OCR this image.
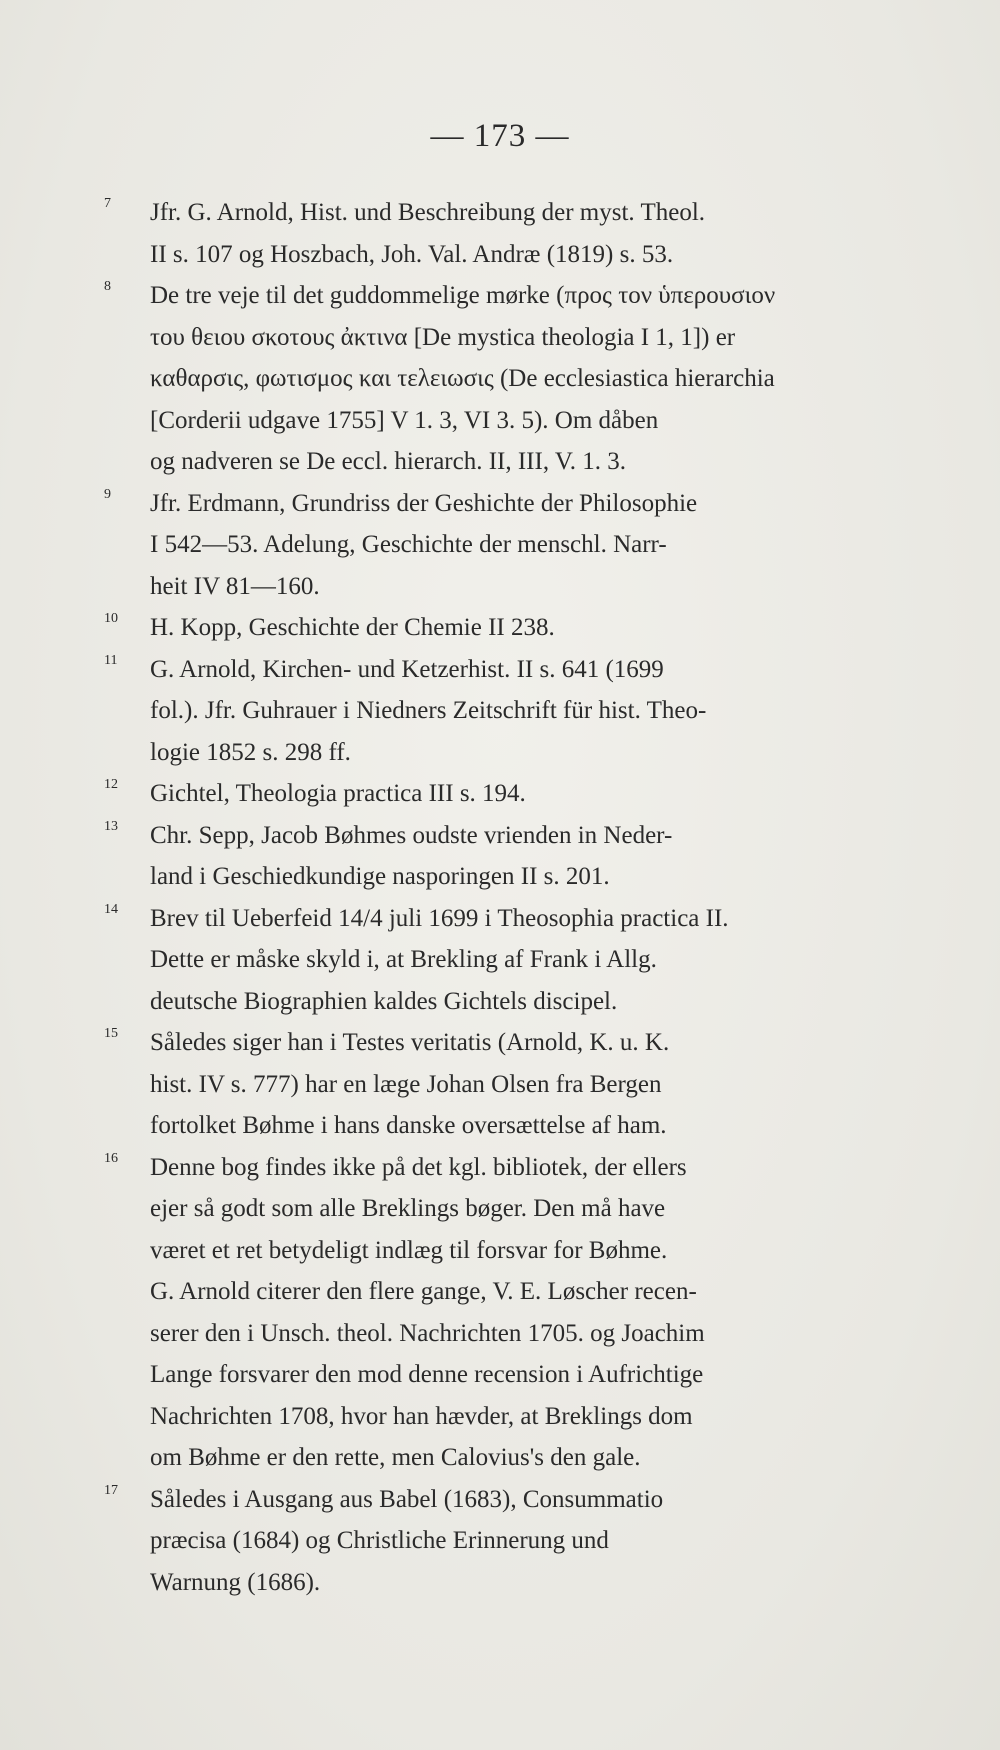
— 173 —
7 Jfr. G. Arnold, Hist. und Beschreibung der myst. Theol.
II s. 107 og Hoszbach, Joh. Val. Andræ (1819) s. 53.
8 De tre veje til det guddommelige mørke (προς τον ὑπερουσιον
του θειου σκοτους ἀκτινα [De mystica theologia I 1, 1]) er
καθαρσις, φωτισμος και τελειωσις (De ecclesiastica hierarchia
[Corderii udgave 1755] V 1. 3, VI 3. 5). Om dåben
og nadveren se De eccl. hierarch. II, III, V. 1. 3.
9 Jfr. Erdmann, Grundriss der Geshichte der Philosophie
I 542—53. Adelung, Geschichte der menschl. Narr-
heit IV 81—160.
10 H. Kopp, Geschichte der Chemie II 238.
11 G. Arnold, Kirchen- und Ketzerhist. II s. 641 (1699
fol.). Jfr. Guhrauer i Niedners Zeitschrift für hist. Theo-
logie 1852 s. 298 ff.
12 Gichtel, Theologia practica III s. 194.
13 Chr. Sepp, Jacob Bøhmes oudste vrienden in Neder-
land i Geschiedkundige nasporingen II s. 201.
14 Brev til Ueberfeid 14/4 juli 1699 i Theosophia practica II.
Dette er måske skyld i, at Brekling af Frank i Allg.
deutsche Biographien kaldes Gichtels discipel.
15 Således siger han i Testes veritatis (Arnold, K. u. K.
hist. IV s. 777) har en læge Johan Olsen fra Bergen
fortolket Bøhme i hans danske oversættelse af ham.
16 Denne bog findes ikke på det kgl. bibliotek, der ellers
ejer så godt som alle Breklings bøger. Den må have
været et ret betydeligt indlæg til forsvar for Bøhme.
G. Arnold citerer den flere gange, V. E. Løscher recen-
serer den i Unsch. theol. Nachrichten 1705. og Joachim
Lange forsvarer den mod denne recension i Aufrichtige
Nachrichten 1708, hvor han hævder, at Breklings dom
om Bøhme er den rette, men Calovius's den gale.
17 Således i Ausgang aus Babel (1683), Consummatio
præcisa (1684) og Christliche Erinnerung und
Warnung (1686).
